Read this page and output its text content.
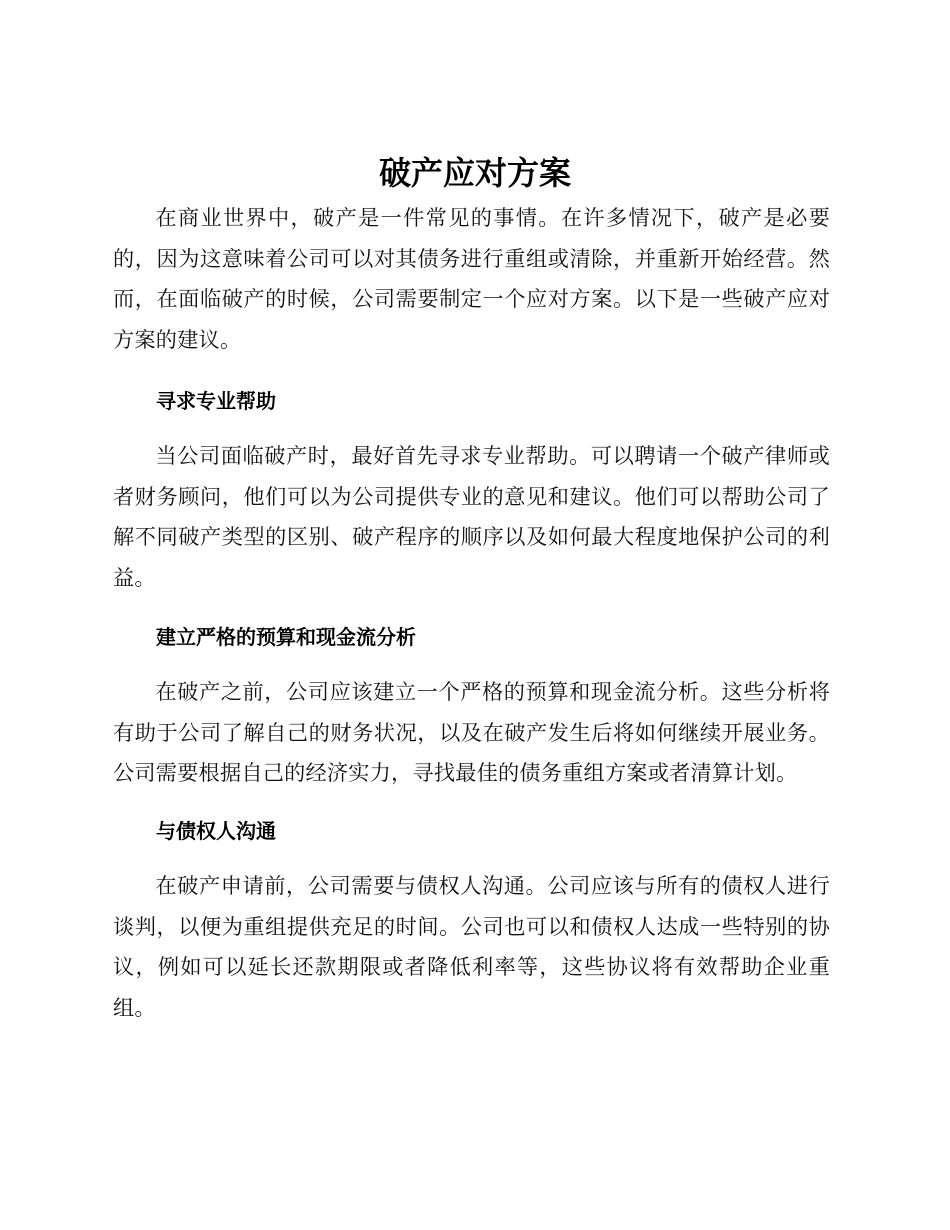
破产应对方案

在商业世界中，破产是一件常见的事情。在许多情况下，破产是必要的，因为这意味着公司可以对其债务进行重组或清除，并重新开始经营。然而，在面临破产的时候，公司需要制定一个应对方案。以下是一些破产应对方案的建议。

寻求专业帮助

当公司面临破产时，最好首先寻求专业帮助。可以聘请一个破产律师或者财务顾问，他们可以为公司提供专业的意见和建议。他们可以帮助公司了解不同破产类型的区别、破产程序的顺序以及如何最大程度地保护公司的利益。

建立严格的预算和现金流分析

在破产之前，公司应该建立一个严格的预算和现金流分析。这些分析将有助于公司了解自己的财务状况，以及在破产发生后将如何继续开展业务。公司需要根据自己的经济实力，寻找最佳的债务重组方案或者清算计划。

与债权人沟通

在破产申请前，公司需要与债权人沟通。公司应该与所有的债权人进行谈判，以便为重组提供充足的时间。公司也可以和债权人达成一些特别的协议，例如可以延长还款期限或者降低利率等，这些协议将有效帮助企业重组。
